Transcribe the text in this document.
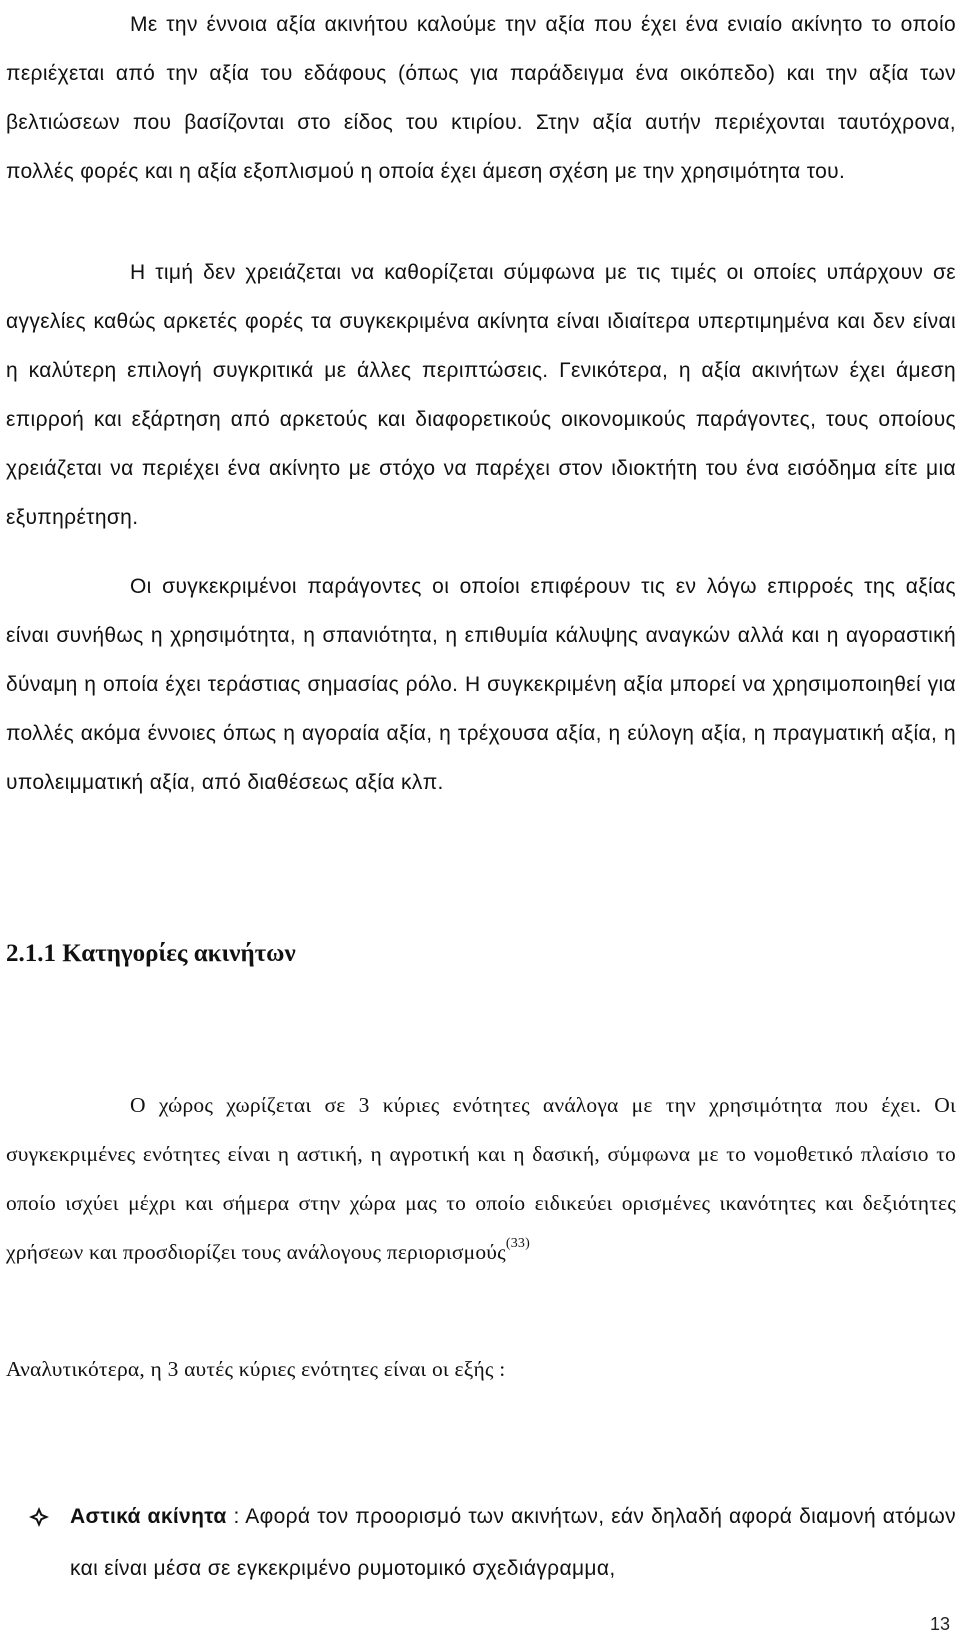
Με την έννοια αξία ακινήτου καλούμε την αξία που έχει ένα ενιαίο ακίνητο το οποίο περιέχεται από την αξία του εδάφους (όπως για παράδειγμα ένα οικόπεδο) και την αξία των βελτιώσεων που βασίζονται στο είδος του κτιρίου. Στην αξία αυτήν περιέχονται ταυτόχρονα, πολλές φορές και η αξία εξοπλισμού η οποία έχει άμεση σχέση με την χρησιμότητα του.

Η τιμή δεν χρειάζεται να καθορίζεται σύμφωνα με τις τιμές οι οποίες υπάρχουν σε αγγελίες καθώς αρκετές φορές τα συγκεκριμένα ακίνητα είναι ιδιαίτερα υπερτιμημένα και δεν είναι η καλύτερη επιλογή συγκριτικά με άλλες περιπτώσεις. Γενικότερα, η αξία ακινήτων έχει άμεση επιρροή και εξάρτηση από αρκετούς και διαφορετικούς οικονομικούς παράγοντες, τους οποίους χρειάζεται να περιέχει ένα ακίνητο με στόχο να παρέχει στον ιδιοκτήτη του ένα εισόδημα είτε μια εξυπηρέτηση.

Οι συγκεκριμένοι παράγοντες οι οποίοι επιφέρουν τις εν λόγω επιρροές της αξίας είναι συνήθως η χρησιμότητα, η σπανιότητα, η επιθυμία κάλυψης αναγκών αλλά και η αγοραστική δύναμη η οποία έχει τεράστιας σημασίας ρόλο. Η συγκεκριμένη αξία μπορεί να χρησιμοποιηθεί για πολλές ακόμα έννοιες όπως η αγοραία αξία, η τρέχουσα αξία, η εύλογη αξία, η πραγματική αξία, η υπολειμματική αξία, από διαθέσεως αξία κλπ.

2.1.1 Κατηγορίες ακινήτων

Ο χώρος χωρίζεται σε 3 κύριες ενότητες ανάλογα με την χρησιμότητα που έχει. Οι συγκεκριμένες ενότητες είναι η αστική, η αγροτική και η δασική, σύμφωνα με το νομοθετικό πλαίσιο το οποίο ισχύει μέχρι και σήμερα στην χώρα μας το οποίο ειδικεύει ορισμένες ικανότητες και δεξιότητες χρήσεων και προσδιορίζει τους ανάλογους περιορισμούς$^{(33)}$

Αναλυτικότερα, η 3 αυτές κύριες ενότητες είναι οι εξής :

Αστικά ακίνητα : Αφορά τον προορισμό των ακινήτων, εάν δηλαδή αφορά διαμονή ατόμων και είναι μέσα σε εγκεκριμένο ρυμοτομικό σχεδιάγραμμα,
13
